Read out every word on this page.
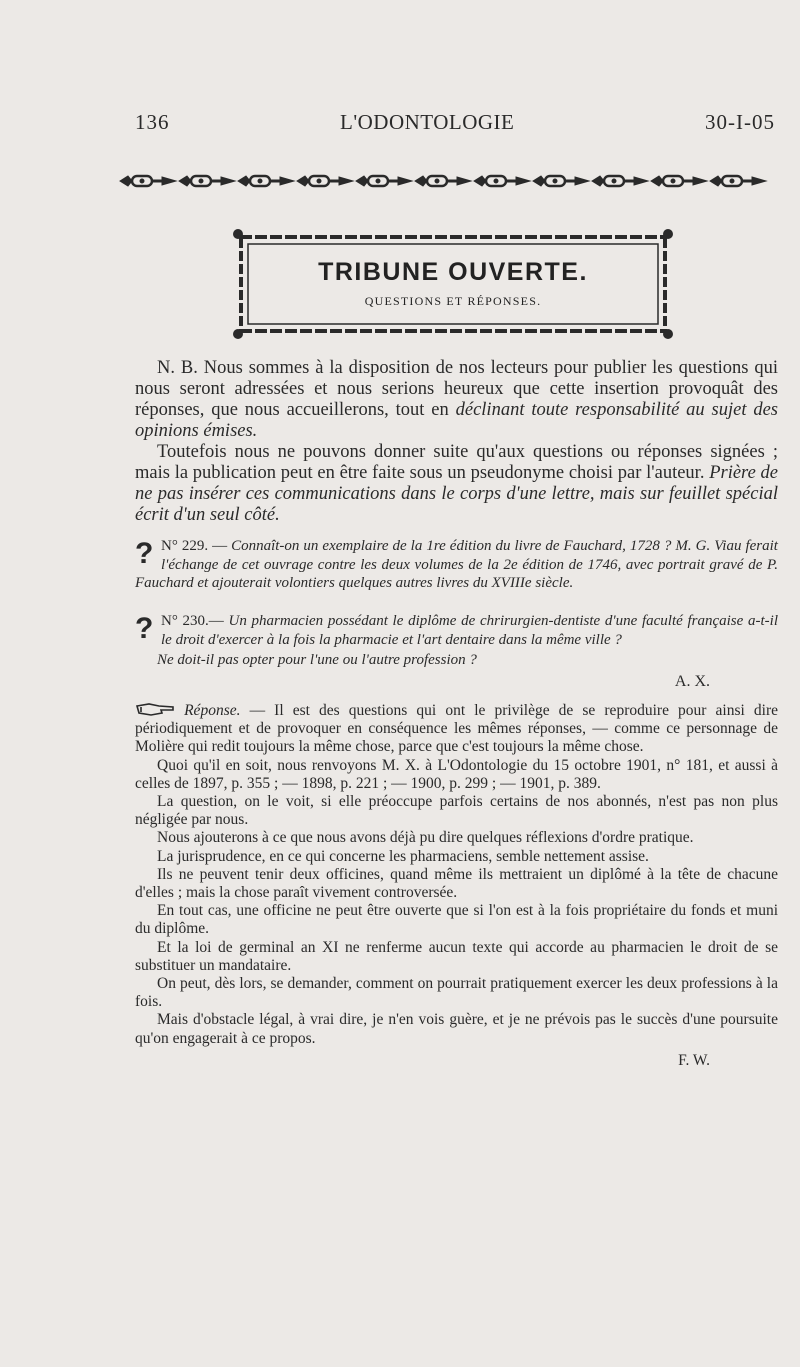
136	L'ODONTOLOGIE	30-I-05
TRIBUNE OUVERTE.
QUESTIONS ET RÉPONSES.

N. B. Nous sommes à la disposition de nos lecteurs pour publier les questions qui nous seront adressées et nous serions heureux que cette insertion provoquât des réponses, que nous accueillerons, tout en déclinant toute responsabilité au sujet des opinions émises.

Toutefois nous ne pouvons donner suite qu'aux questions ou réponses signées ; mais la publication peut en être faite sous un pseudonyme choisi par l'auteur. Prière de ne pas insérer ces communications dans le corps d'une lettre, mais sur feuillet spécial écrit d'un seul côté.

? N° 229. — Connaît-on un exemplaire de la 1re édition du livre de Fauchard, 1728 ? M. G. Viau ferait l'échange de cet ouvrage contre les deux volumes de la 2e édition de 1746, avec portrait gravé de P. Fauchard et ajouterait volontiers quelques autres livres du XVIIIe siècle.
? N° 230.— Un pharmacien possédant le diplôme de chrirurgien-dentiste d'une faculté française a-t-il le droit d'exercer à la fois la pharmacie et l'art dentaire dans la même ville ?

Ne doit-il pas opter pour l'une ou l'autre profession ?

A. X.

Réponse. — Il est des questions qui ont le privilège de se reproduire pour ainsi dire périodiquement et de provoquer en conséquence les mêmes réponses, — comme ce personnage de Molière qui redit toujours la même chose, parce que c'est toujours la même chose.

Quoi qu'il en soit, nous renvoyons M. X. à L'Odontologie du 15 octobre 1901, n° 181, et aussi à celles de 1897, p. 355 ; — 1898, p. 221 ; — 1900, p. 299 ; — 1901, p. 389.

La question, on le voit, si elle préoccupe parfois certains de nos abonnés, n'est pas non plus négligée par nous.

Nous ajouterons à ce que nous avons déjà pu dire quelques réflexions d'ordre pratique.

La jurisprudence, en ce qui concerne les pharmaciens, semble nettement assise.

Ils ne peuvent tenir deux officines, quand même ils mettraient un diplômé à la tête de chacune d'elles ; mais la chose paraît vivement controversée.

En tout cas, une officine ne peut être ouverte que si l'on est à la fois propriétaire du fonds et muni du diplôme.

Et la loi de germinal an XI ne renferme aucun texte qui accorde au pharmacien le droit de se substituer un mandataire.

On peut, dès lors, se demander, comment on pourrait pratiquement exercer les deux professions à la fois.

Mais d'obstacle légal, à vrai dire, je n'en vois guère, et je ne prévois pas le succès d'une poursuite qu'on engagerait à ce propos.

F. W.
